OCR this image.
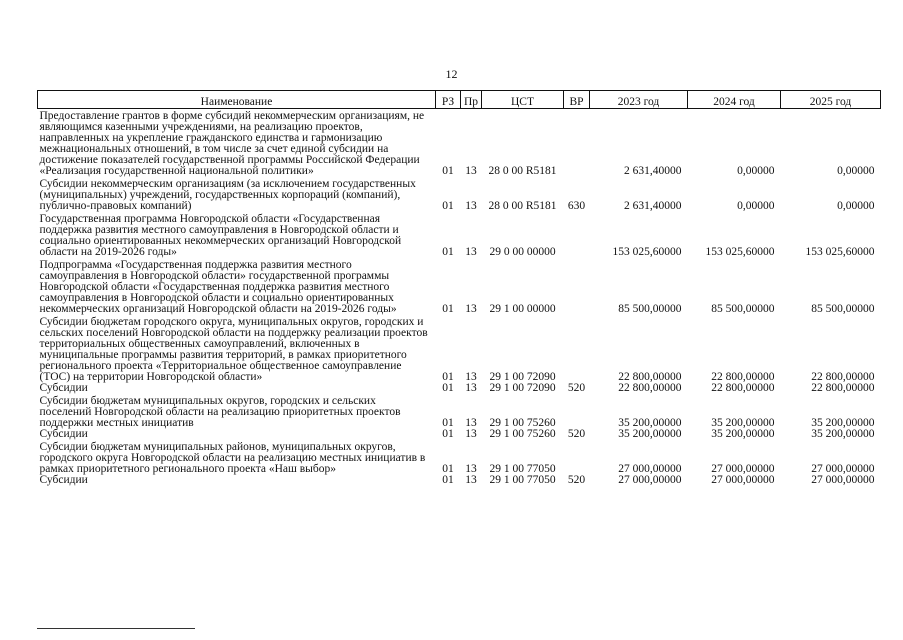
12
Наименование	РЗ	Пр	ЦСТ	ВР	2023 год	2024 год	2025 год
Предоставление грантов в форме субсидий некоммерческим организациям, не являющимся казенными учреждениями, на реализацию проектов, направленных на укрепление гражданского единства и гармонизацию межнациональных отношений, в том числе за счет единой субсидии на достижение показателей государственной программы Российской Федерации «Реализация государственной национальной политики»	01	13	28 0 00 R5181		2 631,40000	0,00000	0,00000
Субсидии некоммерческим организациям (за исключением государственных (муниципальных) учреждений, государственных корпораций (компаний), публично-правовых компаний)	01	13	28 0 00 R5181	630	2 631,40000	0,00000	0,00000
Государственная программа Новгородской области «Государственная поддержка развития местного самоуправления в Новгородской области и социально ориентированных некоммерческих организаций Новгородской области на 2019-2026 годы»	01	13	29 0 00 00000		153 025,60000	153 025,60000	153 025,60000
Подпрограмма «Государственная поддержка развития местного самоуправления в Новгородской области» государственной программы Новгородской области «Государственная поддержка развития местного самоуправления в Новгородской области и социально ориентированных некоммерческих организаций Новгородской области на 2019-2026 годы»	01	13	29 1 00 00000		85 500,00000	85 500,00000	85 500,00000
Субсидии бюджетам городского округа, муниципальных округов, городских и сельских поселений Новгородской области на поддержку реализации проектов территориальных общественных самоуправлений, включенных в муниципальные программы развития территорий, в рамках приоритетного регионального проекта «Территориальное общественное самоуправление (ТОС) на территории Новгородской области»	01	13	29 1 00 72090		22 800,00000	22 800,00000	22 800,00000
Субсидии	01	13	29 1 00 72090	520	22 800,00000	22 800,00000	22 800,00000
Субсидии бюджетам муниципальных округов, городских и сельских поселений Новгородской области на реализацию приоритетных проектов поддержки местных инициатив	01	13	29 1 00 75260		35 200,00000	35 200,00000	35 200,00000
Субсидии	01	13	29 1 00 75260	520	35 200,00000	35 200,00000	35 200,00000
Субсидии бюджетам муниципальных районов, муниципальных округов, городского округа Новгородской области на реализацию местных инициатив в рамках приоритетного регионального проекта «Наш выбор»	01	13	29 1 00 77050		27 000,00000	27 000,00000	27 000,00000
Субсидии	01	13	29 1 00 77050	520	27 000,00000	27 000,00000	27 000,00000
